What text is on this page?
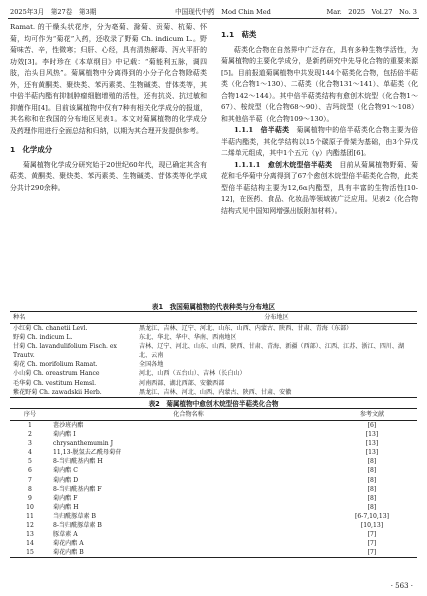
2025年3月　第27卷　第3期	中国现代中药　Mod Chin Med	Mar.　2025　Vol.27　No. 3

Ramat. 的干燥头状花序，分为亳菊、滁菊、贡菊、杭菊、怀菊，均可作为“菊花”入药，还收录了野菊 Ch. indicum L.。野菊味苦、辛，性微寒；归肝、心经，具有清热解毒、泻火平肝的功效[3]。李时珍在《本草纲目》中记载：“菊能利五脉，调四肢，治头目风热”。菊属植物中分离得到的小分子化合物除萜类外，还有黄酮类、聚炔类、苯丙素类、生物碱类、苷体类等，其中倍半萜内酯有抑制肿瘤细胞增殖的活性，还有抗炎、抗过敏和抑菌作用[4]。目前该属植物中仅有7种有相关化学成分的报道，其名称和在我国的分布地区见表1。本文对菊属植物的化学成分及药理作用进行全面总结和归纳，以期为其合理开发提供参考。

1　化学成分

菊属植物化学成分研究始于20世纪60年代，现已确定其含有萜类、黄酮类、聚炔类、苯丙素类、生物碱类、苷体类等化学成分共计290余种。

1.1　萜类

萜类化合物在自然界中广泛存在，具有多种生物学活性，为菊属植物的主要化学成分，是新药研究中先导化合物的重要来源[5]。目前报道菊属植物中共发现144个萜类化合物，包括倍半萜类（化合物1～130）、二萜类（化合物131～141）、单萜类（化合物142～144）。其中倍半萜类结构有愈创木烷型（化合物1～67）、桉烷型（化合物68～90）、吉玛烷型（化合物91～108）和其他倍半萜（化合物109～130）。

1.1.1　倍半萜类　 菊属植物中的倍半萜类化合物主要为倍半萜内酯类，其化学结构以15个碳原子骨架为基础，由3个异戊二烯单元组成，其中1个五元（γ）内酯基团[6]。

1.1.1.1　愈创木烷型倍半萜类　 目前从菊属植物野菊、菊花和毛华菊中分离得到了67个愈创木烷型倍半萜类化合物，此类型倍半萜结构主要为12,6α内酯型，具有丰富的生物活性[10-12]，在医药、食品、化妆品等领域被广泛应用。见表2（化合物结构式见中国知网增强出版附加材料）。

表1　我国菊属植物的代表种类与分布地区
种名	分布地区
小红菊 Ch. chanetii Levl.	黑龙江、吉林、辽宁、河北、山东、山西、内蒙古、陕西、甘肃、青海（东部）
野菊 Ch. indicum L.	东北、华北、华中、华南、西南地区
甘菊 Ch. lavandulifolium Fisch. ex Trautv.	吉林、辽宁、河北、山东、山西、陕西、甘肃、青海、新疆（西部）、江西、江苏、浙江、四川、湖北、云南
菊花 Ch. morifolium Ramat.	全国各地
小山菊 Ch. oreastrum Hance	河北、山西（五台山）、吉林（长白山）
毛华菊 Ch. vestitum Hemsl.	河南西部、湖北西部、安徽西部
紫花野菊 Ch. zawadskii Herb.	黑龙江、吉林、河北、山西、内蒙古、陕西、甘肃、安徽
表2　菊属植物中愈创木烷型倍半萜类化合物
序号	化合物名称	参考文献
1	葚沙班内酯	[6]
2	菊内酯 I	[13]
3	chrysanthemumin J	[13]
4	11,13-脱氢去乙酰母菊苷	[13]
5	8-当归酰基内酯 H	[8]
6	菊内酯 C	[8]
7	菊内酯 D	[8]
8	8-当归酰基内酯 F	[8]
9	菊内酯 F	[8]
10	菊内酯 H	[8]
11	当归酰豚草素 B	[6-7,10,13]
12	8-当归酰豚草素 B	[10,13]
13	豚草素 A	[7]
14	菊花内酯 A	[7]
15	菊花内酯 B	[7]
· 563 ·
